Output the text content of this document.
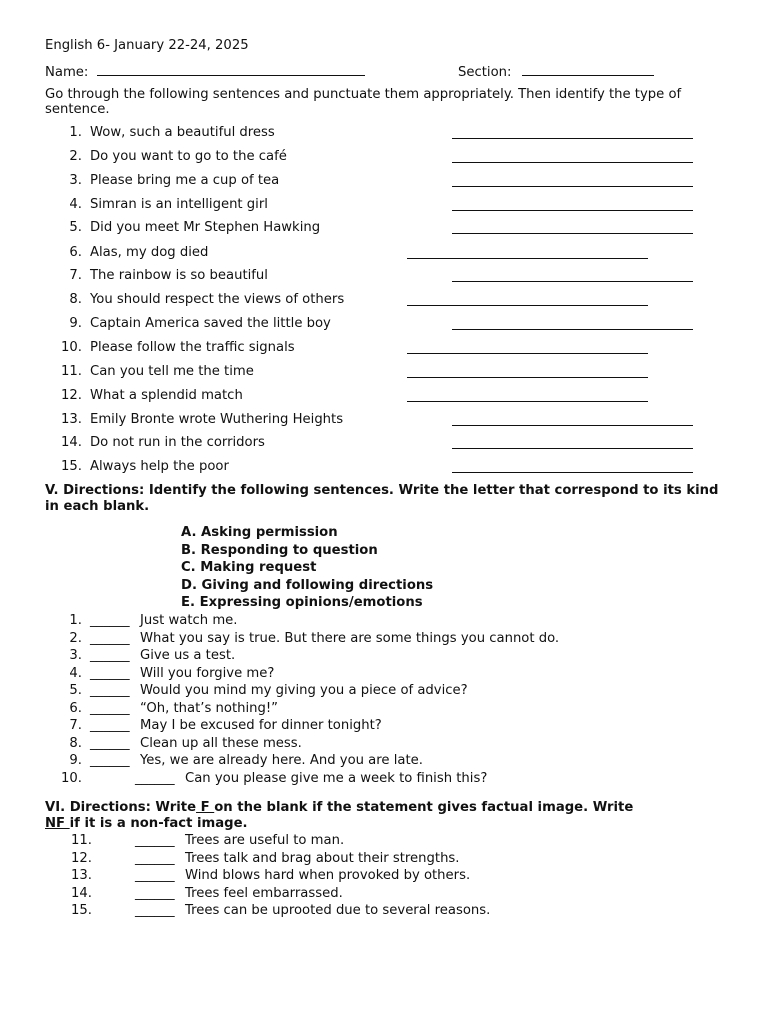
English 6- January 22-24, 2025
Name:	Section:
Go through the following sentences and punctuate them appropriately. Then identify the type of sentence.
1. Wow, such a beautiful dress
2. Do you want to go to the café
3. Please bring me a cup of tea
4. Simran is an intelligent girl
5. Did you meet Mr Stephen Hawking
6. Alas, my dog died
7. The rainbow is so beautiful
8. You should respect the views of others
9. Captain America saved the little boy
10. Please follow the traffic signals
11. Can you tell me the time
12. What a splendid match
13. Emily Bronte wrote Wuthering Heights
14. Do not run in the corridors
15. Always help the poor
V. Directions: Identify the following sentences. Write the letter that correspond to its kind in each blank.
A. Asking permission
B. Responding to question
C. Making request
D. Giving and following directions
E. Expressing opinions/emotions
1. ______ Just watch me.
2. ______ What you say is true. But there are some things you cannot do.
3. ______ Give us a test.
4. ______ Will you forgive me?
5. ______ Would you mind my giving you a piece of advice?
6. ______ “Oh, that’s nothing!”
7. ______ May I be excused for dinner tonight?
8. ______ Clean up all these mess.
9. ______ Yes, we are already here. And you are late.
10.	______ Can you please give me a week to finish this?
VI. Directions: Write F on the blank if the statement gives factual image. Write
NF if it is a non-fact image.
11.	______ Trees are useful to man.
12.	______ Trees talk and brag about their strengths.
13.	______ Wind blows hard when provoked by others.
14.	______ Trees feel embarrassed.
15.	______ Trees can be uprooted due to several reasons.
